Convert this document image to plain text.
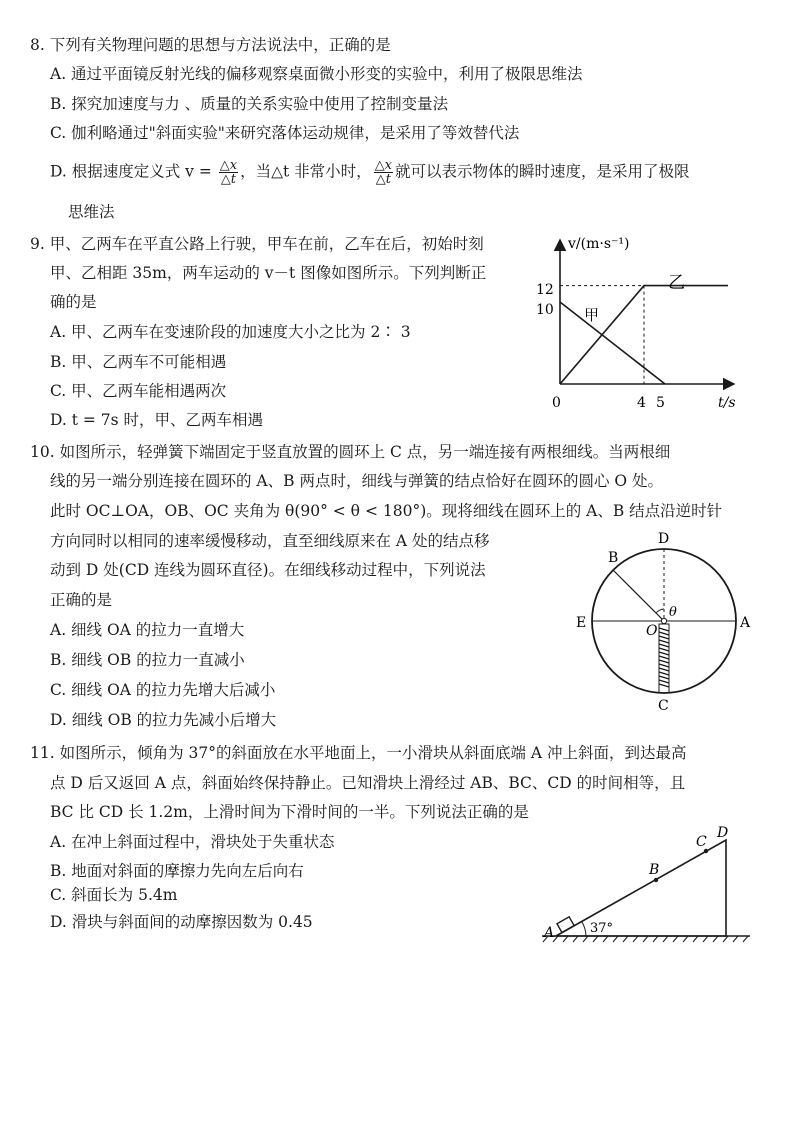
8. 下列有关物理问题的思想与方法说法中，正确的是
A. 通过平面镜反射光线的偏移观察桌面微小形变的实验中，利用了极限思维法
B. 探究加速度与力 、质量的关系实验中使用了控制变量法
C. 伽利略通过"斜面实验"来研究落体运动规律，是采用了等效替代法
D. 根据速度定义式 $v = \frac{\triangle x}{\triangle t}$ ，当△t 非常小时， $\frac{\triangle x}{\triangle t}$ 就可以表示物体的瞬时速度，是采用了极限
思维法
9. 甲、乙两车在平直公路上行驶，甲车在前，乙车在后，初始时刻
甲、乙相距 35m，两车运动的 v－t 图像如图所示。下列判断正
确的是
A. 甲、乙两车在变速阶段的加速度大小之比为 2∶ 3
B. 甲、乙两车不可能相遇
C. 甲、乙两车能相遇两次
D. t = 7s 时，甲、乙两车相遇
v/(m·s⁻¹)
t/s
12
10
0	4 5
甲
乙
10. 如图所示，轻弹簧下端固定于竖直放置的圆环上 C 点，另一端连接有两根细线。当两根细
线的另一端分别连接在圆环的 A、B 两点时，细线与弹簧的结点恰好在圆环的圆心 O 处。
此时 OC⊥OA，OB、OC 夹角为 θ(90° < θ < 180°)。现将细线在圆环上的 A、B 结点沿逆时针
方向同时以相同的速率缓慢移动，直至细线原来在 A 处的结点移
动到 D 处(CD 连线为圆环直径)。在细线移动过程中，下列说法
正确的是
A. 细线 OA 的拉力一直增大
B. 细线 OB 的拉力一直减小
C. 细线 OA 的拉力先增大后减小
D. 细线 OB 的拉力先减小后增大
D
B
E	A
O
θ
C
11. 如图所示，倾角为 37°的斜面放在水平地面上，一小滑块从斜面底端 A 冲上斜面，到达最高
点 D 后又返回 A 点，斜面始终保持静止。已知滑块上滑经过 AB、BC、CD 的时间相等，且
BC 比 CD 长 1.2m，上滑时间为下滑时间的一半。下列说法正确的是
A. 在冲上斜面过程中，滑块处于失重状态
B. 地面对斜面的摩擦力先向左后向右
C. 斜面长为 5.4m
D. 滑块与斜面间的动摩擦因数为 0.45
A	37°
B
C
D
